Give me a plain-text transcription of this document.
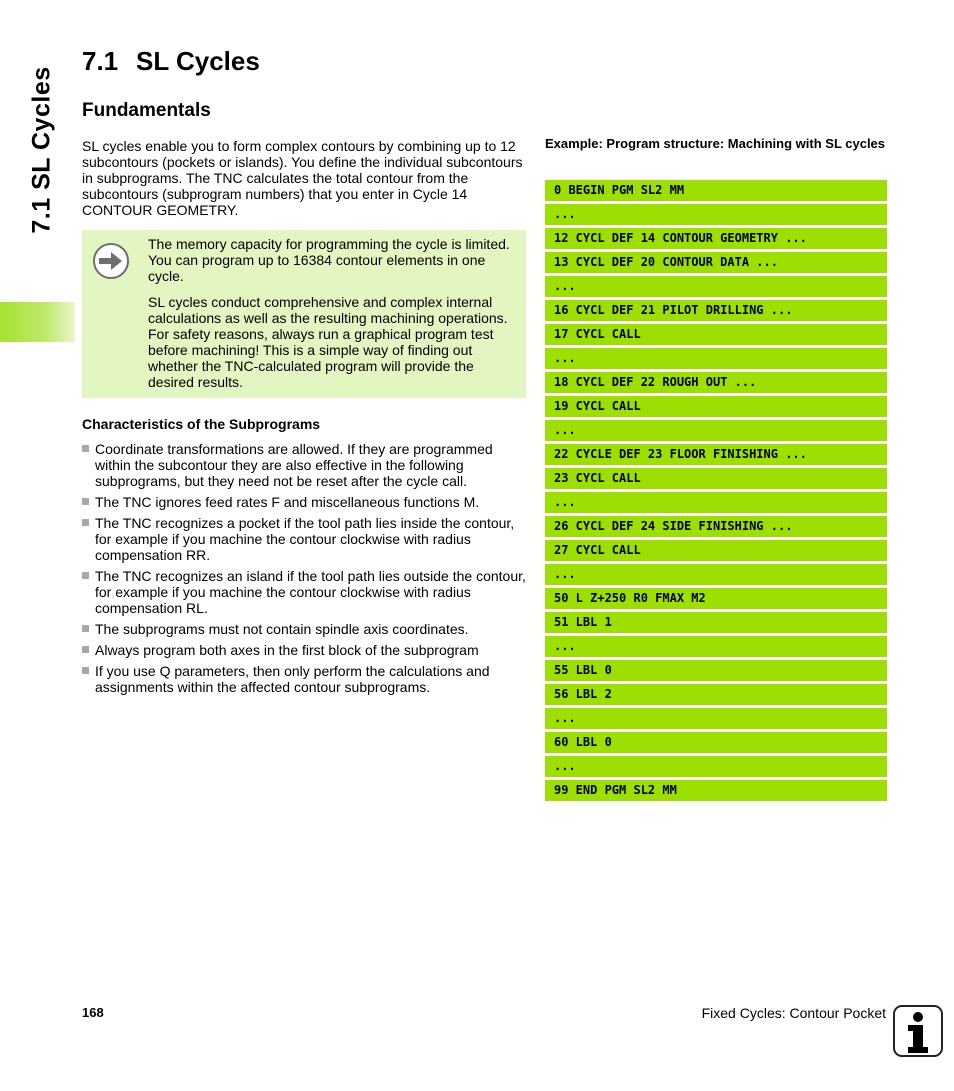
7.1 SL Cycles
7.1 SL Cycles
Fundamentals

SL cycles enable you to form complex contours by combining up to 12 subcontours (pockets or islands). You define the individual subcontours in subprograms. The TNC calculates the total contour from the subcontours (subprogram numbers) that you enter in Cycle 14 CONTOUR GEOMETRY.

The memory capacity for programming the cycle is limited. You can program up to 16384 contour elements in one cycle.

SL cycles conduct comprehensive and complex internal calculations as well as the resulting machining operations. For safety reasons, always run a graphical program test before machining! This is a simple way of finding out whether the TNC-calculated program will provide the desired results.

Characteristics of the Subprograms
Coordinate transformations are allowed. If they are programmed within the subcontour they are also effective in the following subprograms, but they need not be reset after the cycle call.
The TNC ignores feed rates F and miscellaneous functions M.
The TNC recognizes a pocket if the tool path lies inside the contour, for example if you machine the contour clockwise with radius compensation RR.
The TNC recognizes an island if the tool path lies outside the contour, for example if you machine the contour clockwise with radius compensation RL.
The subprograms must not contain spindle axis coordinates.
Always program both axes in the first block of the subprogram
If you use Q parameters, then only perform the calculations and assignments within the affected contour subprograms.
Example: Program structure: Machining with SL cycles
0 BEGIN PGM SL2 MM
...
12 CYCL DEF 14 CONTOUR GEOMETRY ...
13 CYCL DEF 20 CONTOUR DATA ...
...
16 CYCL DEF 21 PILOT DRILLING ...
17 CYCL CALL
...
18 CYCL DEF 22 ROUGH OUT ...
19 CYCL CALL
...
22 CYCLE DEF 23 FLOOR FINISHING ...
23 CYCL CALL
...
26 CYCL DEF 24 SIDE FINISHING ...
27 CYCL CALL
...
50 L Z+250 R0 FMAX M2
51 LBL 1
...
55 LBL 0
56 LBL 2
...
60 LBL 0
...
99 END PGM SL2 MM
168	Fixed Cycles: Contour Pocket
